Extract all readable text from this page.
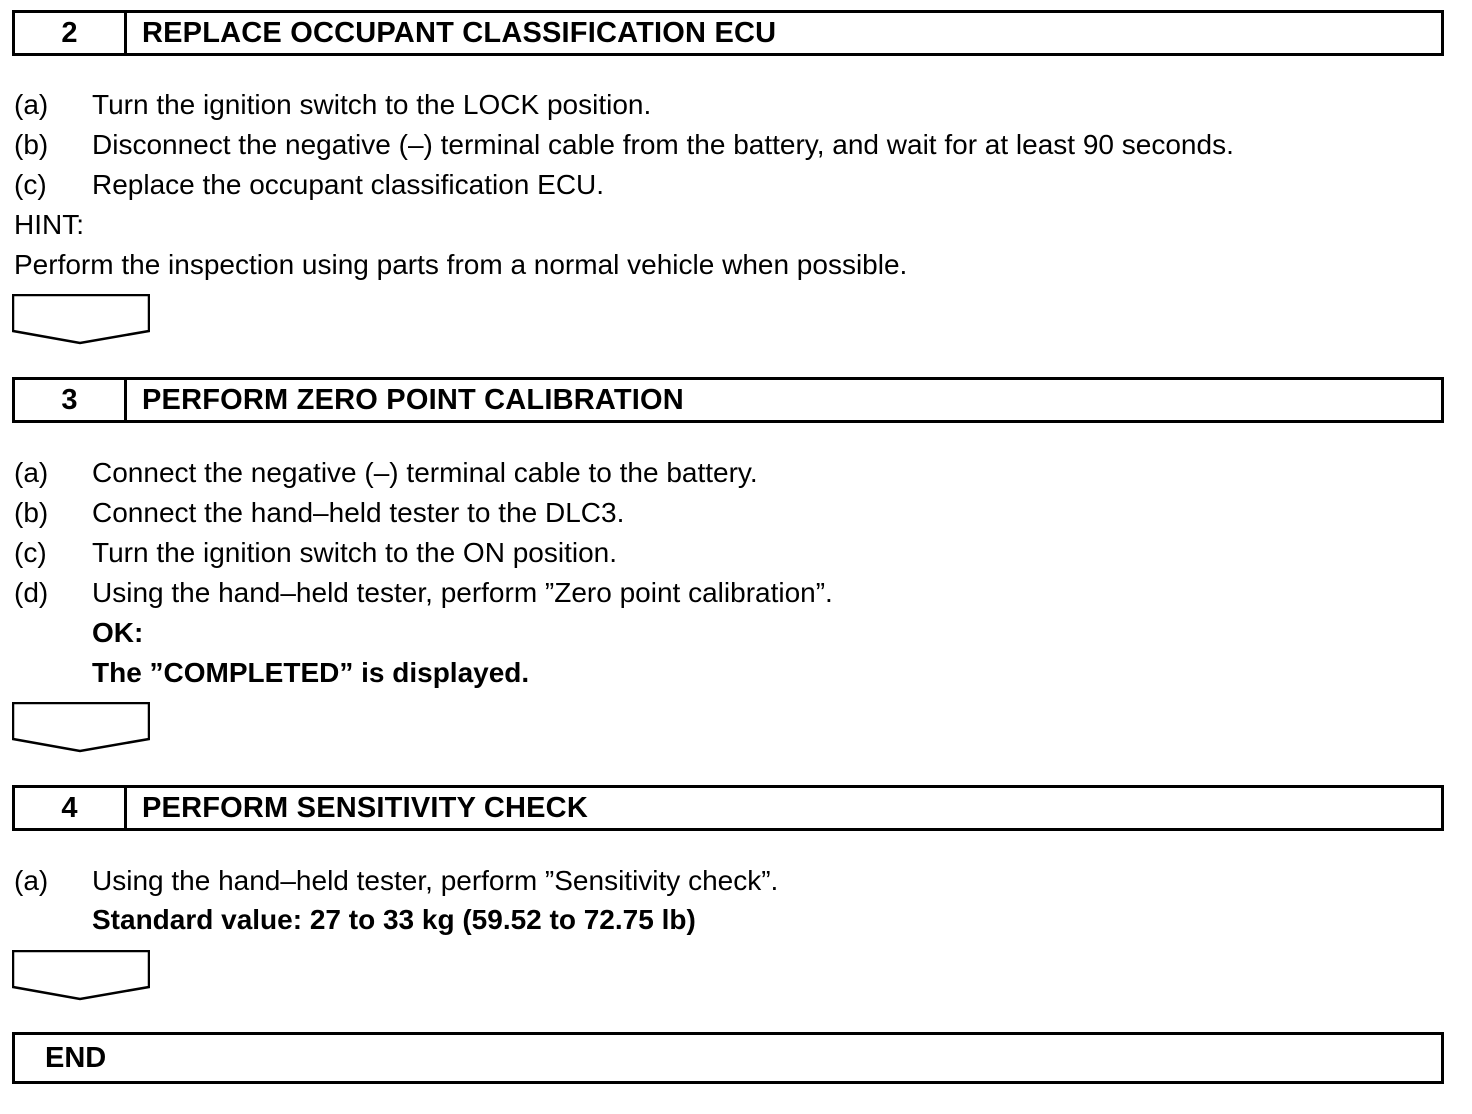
2	REPLACE OCCUPANT CLASSIFICATION ECU
(a)	Turn the ignition switch to the LOCK position.
(b)	Disconnect the negative (–) terminal cable from the battery, and wait for at least 90 seconds.
(c)	Replace the occupant classification ECU.
HINT:
Perform the inspection using parts from a normal vehicle when possible.
3	PERFORM ZERO POINT CALIBRATION
(a)	Connect the negative (–) terminal cable to the battery.
(b)	Connect the hand–held tester to the DLC3.
(c)	Turn the ignition switch to the ON position.
(d)	Using the hand–held tester, perform ”Zero point calibration”.
OK:
The ”COMPLETED” is displayed.
4	PERFORM SENSITIVITY CHECK
(a)	Using the hand–held tester, perform ”Sensitivity check”.
Standard value: 27 to 33 kg (59.52 to 72.75 lb)
END
